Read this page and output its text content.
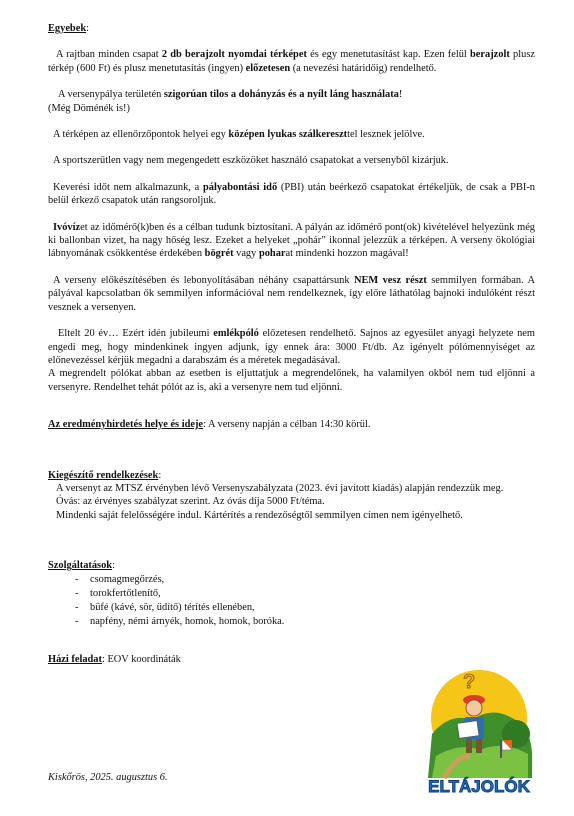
Egyebek:

A rajtban minden csapat 2 db berajzolt nyomdai térképet és egy menetutasítást kap. Ezen felül berajzolt plusz térkép (600 Ft) és plusz menetutasítás (ingyen) előzetesen (a nevezési határidőig) rendelhető.

A versenypálya területén szigorúan tilos a dohányzás és a nyílt láng használata!

(Még Döménék is!)

A térképen az ellenőrzőpontok helyei egy középen lyukas szálkereszttel lesznek jelölve.

A sportszerűtlen vagy nem megengedett eszközöket használó csapatokat a versenyből kizárjuk.

Keverési időt nem alkalmazunk, a pályabontási idő (PBI) után beérkező csapatokat értékeljük, de csak a PBI-n belül érkező csapatok után rangsoroljuk.

Ivóvízet az időmérő(k)ben és a célban tudunk biztosítani. A pályán az időmérő pont(ok) kivételével helyezünk még ki ballonban vizet, ha nagy hőség lesz. Ezeket a helyeket „pohár” ikonnal jelezzük a térképen. A verseny ökológiai lábnyomának csökkentése érdekében bögrét vagy poharat mindenki hozzon magával!

A verseny előkészítésében és lebonyolításában néhány csapattársunk NEM vesz részt semmilyen formában. A pályával kapcsolatban ők semmilyen információval nem rendelkeznek, így előre láthatólag bajnoki indulóként részt vesznek a versenyen.

Eltelt 20 év… Ezért idén jubileumi emlékpóló előzetesen rendelhető. Sajnos az egyesület anyagi helyzete nem engedi meg, hogy mindenkinek ingyen adjunk, így ennek ára: 3000 Ft/db. Az igényelt pólómennyiséget az előnevezéssel kérjük megadni a darabszám és a méretek megadásával.

A megrendelt pólókat abban az esetben is eljuttatjuk a megrendelőnek, ha valamilyen okból nem tud eljönni a versenyre. Rendelhet tehát pólót az is, aki a versenyre nem tud eljönni.

Az eredményhirdetés helye és ideje: A verseny napján a célban 14:30 körül.
Kiegészítő rendelkezések:

A versenyt az MTSZ érvényben lévő Versenyszabályzata (2023. évi javított kiadás) alapján rendezzük meg.

Óvás: az érvényes szabályzat szerint. Az óvás díja 5000 Ft/téma.

Mindenki saját felelősségére indul. Kártérítés a rendezőségtől semmilyen címen nem igényelhető.

Szolgáltatások:
- csomagmegőrzés,
- torokfertőtlenítő,
- büfé (kávé, sör, üdítő) térítés ellenében,
- napfény, némi árnyék, homok, homok, boróka.
Házi feladat: EOV koordináták
Kiskőrös, 2025. augusztus 6.
?
ELTÁJOLÓK
